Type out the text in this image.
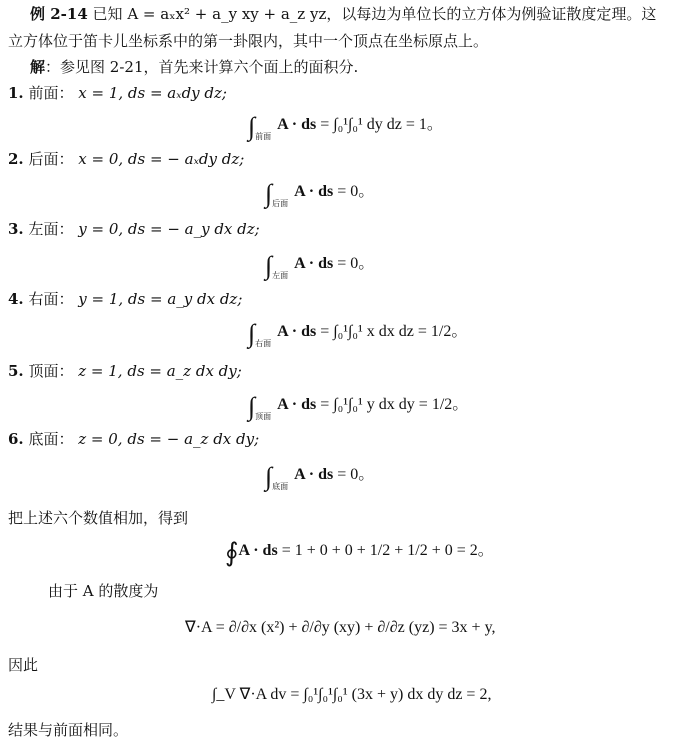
例 2-14 已知 A = aₓx² + a_y xy + a_z yz，以每边为单位长的立方体为例验证散度定理。这
立方体位于笛卡儿坐标系中的第一卦限内，其中一个顶点在坐标原点上。
解：参见图 2-21，首先来计算六个面上的面积分.
1. 前面： x = 1, ds = aₓdy dz;
$\int_{前面}A$ · ds = ∫₀¹∫₀¹ dy dz = 1。
2. 后面： x = 0, ds = − aₓdy dz;
$\int_{后面}A$ · ds = 0。
3. 左面： y = 0, ds = − a_y dx dz;
$\int_{左面}A$ · ds = 0。
4. 右面： y = 1, ds = a_y dx dz;
$\int_{右面}A$ · ds = ∫₀¹∫₀¹ x dx dz = 1/2。
5. 顶面： z = 1, ds = a_z dx dy;
$\int_{顶面}A$ · ds = ∫₀¹∫₀¹ y dx dy = 1/2。
6. 底面： z = 0, ds = − a_z dx dy;
$\int_{底面}A$ · ds = 0。
把上述六个数值相加，得到
∮A · ds = 1 + 0 + 0 + 1/2 + 1/2 + 0 = 2。
由于 A 的散度为
∇·A = ∂/∂x (x²) + ∂/∂y (xy) + ∂/∂z (yz) = 3x + y,
因此
∫_V ∇·A dv = ∫₀¹∫₀¹∫₀¹ (3x + y) dx dy dz = 2,
结果与前面相同。
